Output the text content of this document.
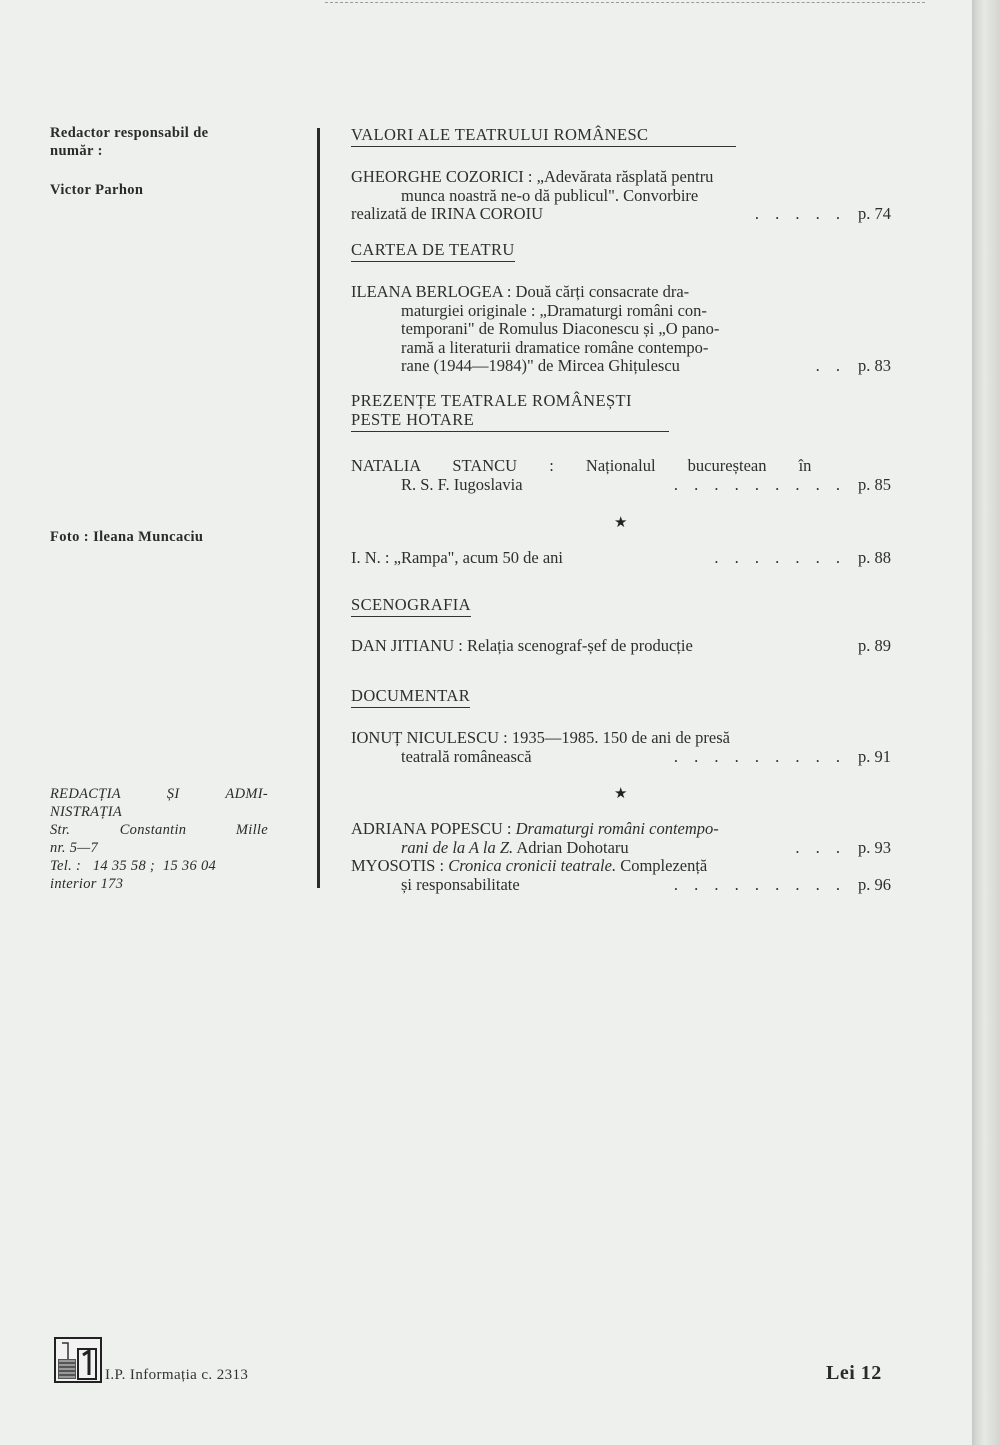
Redactor responsabil de
număr :
Victor Parhon
Foto : Ileana Muncaciu
REDACȚIA	ȘI	ADMI-
NISTRAȚIA
Str.	Constantin	Mille
nr. 5—7
Tel. :   14 35 58 ;  15 36 04
interior 173
VALORI ALE TEATRULUI ROMÂNESC
GHEORGHE COZORICI : „Adevărata răsplată pentru
munca noastră ne-o dă publicul". Convorbire
realizată de IRINA COROIU	. . . . . p. 74
CARTEA DE TEATRU
ILEANA BERLOGEA : Două cărți consacrate dra-
maturgiei originale : „Dramaturgi români con-
temporani" de Romulus Diaconescu și „O pano-
ramă a literaturii dramatice române contempo-
rane (1944—1984)" de Mircea Ghițulescu	. . p. 83
PREZENȚE TEATRALE ROMÂNEȘTI
PESTE HOTARE
NATALIA STANCU : Naționalul bucureștean în
R. S. F. Iugoslavia	. . . . . . . . . p. 85
★
I. N. : „Rampa", acum 50 de ani	. . . . . . . p. 88
SCENOGRAFIA
DAN JITIANU : Relația scenograf-șef de producție	p. 89
DOCUMENTAR
IONUȚ NICULESCU : 1935—1985. 150 de ani de presă
teatrală românească	. . . . . . . . . p. 91
★
ADRIANA POPESCU : Dramaturgi români contempo-
rani de la A la Z. Adrian Dohotaru	. . . p. 93
MYOSOTIS : Cronica cronicii teatrale. Complezență
și responsabilitate	. . . . . . . . . p. 96
I.P. Informația c. 2313	Lei 12
